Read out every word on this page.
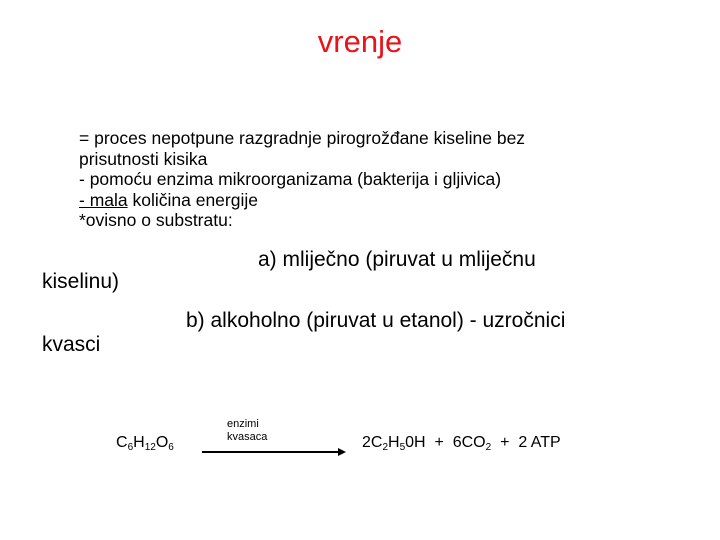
vrenje
= proces nepotpune razgradnje pirogrožđane kiseline bez
prisutnosti kisika
- pomoću enzima mikroorganizama (bakterija i gljivica)
- mala količina energije
*ovisno o substratu:
a) mliječno (piruvat u mliječnu
kiselinu)
b) alkoholno (piruvat u etanol) - uzročnici
kvasci
$C_6H_{12}O_6$
enzimi
kvasaca	$2C_2H_50H + 6CO_2 + 2$ ATP
